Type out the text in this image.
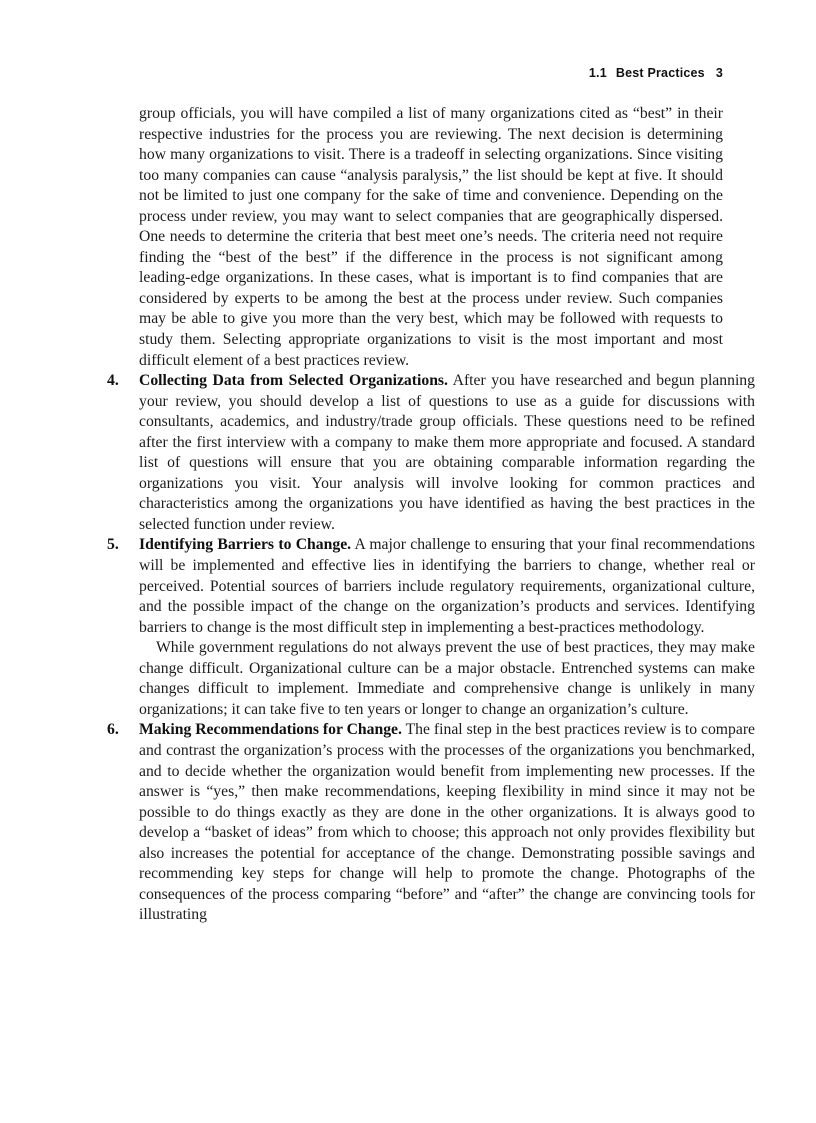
1.1 Best Practices 3

group officials, you will have compiled a list of many organizations cited as “best” in their respective industries for the process you are reviewing. The next decision is determining how many organizations to visit. There is a tradeoff in selecting organizations. Since visiting too many companies can cause “analysis paralysis,” the list should be kept at five. It should not be limited to just one company for the sake of time and convenience. Depending on the process under review, you may want to select companies that are geographically dispersed. One needs to determine the criteria that best meet one’s needs. The criteria need not require finding the “best of the best” if the difference in the process is not significant among leading-edge organizations. In these cases, what is important is to find companies that are considered by experts to be among the best at the process under review. Such companies may be able to give you more than the very best, which may be followed with requests to study them. Selecting appropriate organizations to visit is the most important and most difficult element of a best practices review.

4.	Collecting Data from Selected Organizations. After you have researched and begun planning your review, you should develop a list of questions to use as a guide for discussions with consultants, academics, and industry/trade group officials. These questions need to be refined after the first interview with a company to make them more appropriate and focused. A standard list of questions will ensure that you are obtaining comparable information regarding the organizations you visit. Your analysis will involve looking for common practices and characteristics among the organizations you have identified as having the best practices in the selected function under review.

5.	Identifying Barriers to Change. A major challenge to ensuring that your final recommendations will be implemented and effective lies in identifying the barriers to change, whether real or perceived. Potential sources of barriers include regulatory requirements, organizational culture, and the possible impact of the change on the organization’s products and services. Identifying barriers to change is the most difficult step in implementing a best-practices methodology.

While government regulations do not always prevent the use of best practices, they may make change difficult. Organizational culture can be a major obstacle. Entrenched systems can make changes difficult to implement. Immediate and comprehensive change is unlikely in many organizations; it can take five to ten years or longer to change an organization’s culture.

6.	Making Recommendations for Change. The final step in the best practices review is to compare and contrast the organization’s process with the processes of the organizations you benchmarked, and to decide whether the organization would benefit from implementing new processes. If the answer is “yes,” then make recommendations, keeping flexibility in mind since it may not be possible to do things exactly as they are done in the other organizations. It is always good to develop a “basket of ideas” from which to choose; this approach not only provides flexibility but also increases the potential for acceptance of the change. Demonstrating possible savings and recommending key steps for change will help to promote the change. Photographs of the consequences of the process comparing “before” and “after” the change are convincing tools for illustrating
